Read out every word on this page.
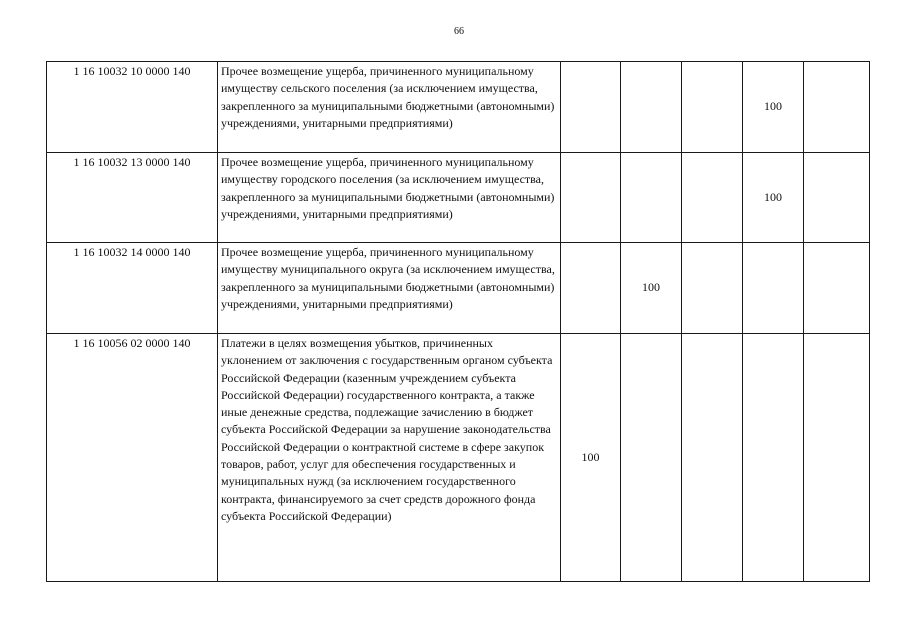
66
1 16 10032 10 0000 140	Прочее возмещение ущерба, причиненного муниципальному имуществу сельского поселения (за исключением имущества, закрепленного за муниципальными бюджетными (автономными) учреждениями, унитарными предприятиями)				100	
1 16 10032 13 0000 140	Прочее возмещение ущерба, причиненного муниципальному имуществу городского поселения (за исключением имущества, закрепленного за муниципальными бюджетными (автономными) учреждениями, унитарными предприятиями)				100	
1 16 10032 14 0000 140	Прочее возмещение ущерба, причиненного муниципальному имуществу муниципального округа (за исключением имущества, закрепленного за муниципальными бюджетными (автономными) учреждениями, унитарными предприятиями)		100			
1 16 10056 02 0000 140	Платежи в целях возмещения убытков, причиненных уклонением от заключения с государственным органом субъекта Российской Федерации (казенным учреждением субъекта Российской Федерации) государственного контракта, а также иные денежные средства, подлежащие зачислению в бюджет субъекта Российской Федерации за нарушение законодательства Российской Федерации о контрактной системе в сфере закупок товаров, работ, услуг для обеспечения государственных и муниципальных нужд (за исключением государственного контракта, финансируемого за счет средств дорожного фонда субъекта Российской Федерации)	100				
